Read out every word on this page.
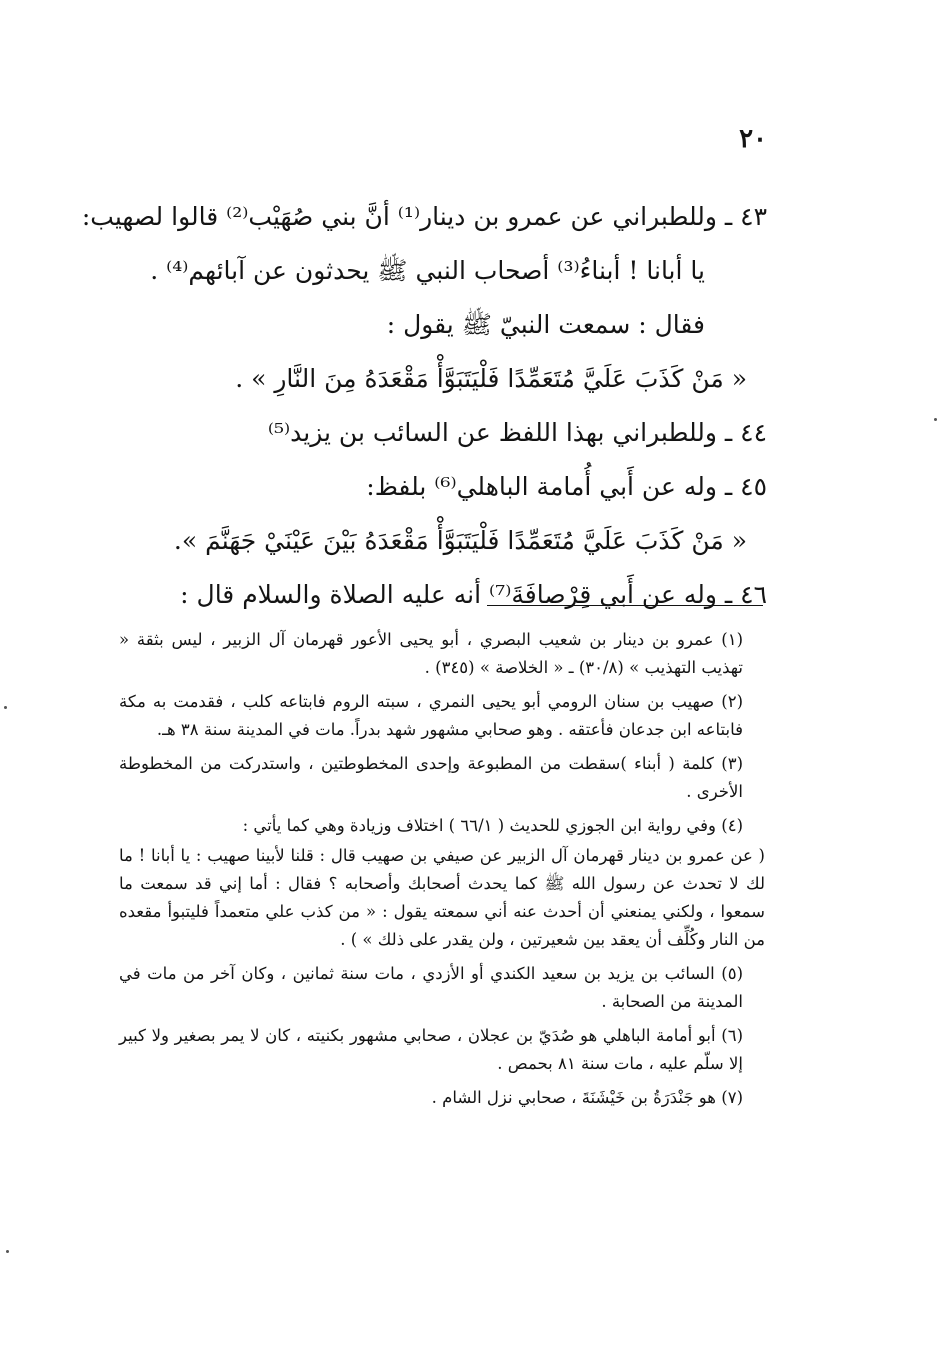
٢٠

٤٣ ـ وللطبراني عن عمرو بن دينار⁽¹⁾ أنَّ بني صُهَيْب⁽²⁾ قالوا لصهيب:

يا أبانا ! أبناءُ⁽³⁾ أصحاب النبي ﷺ يحدثون عن آبائهم⁽⁴⁾ .

فقال : سمعت النبيّ ﷺ يقول :

« مَنْ كَذَبَ عَلَيَّ مُتَعَمِّدًا فَلْيَتَبَوَّأْ مَقْعَدَهُ مِنَ النَّارِ » .

٤٤ ـ وللطبراني بهذا اللفظ عن السائب بن يزيد⁽⁵⁾

٤٥ ـ وله عن أَبي أُمامة الباهلي⁽⁶⁾ بلفظ:

« مَنْ كَذَبَ عَلَيَّ مُتَعَمِّدًا فَلْيَتَبَوَّأْ مَقْعَدَهُ بَيْنَ عَيْنَيْ جَهَنَّمَ ».

٤٦ ـ وله عن أَبي قِرْصافَةَ⁽⁷⁾ أنه عليه الصلاة والسلام قال :

(١) عمرو بن دينار بن شعيب البصري ، أبو يحيى الأعور قهرمان آل الزبير ، ليس بثقة « تهذيب التهذيب » (٣٠/٨) ـ « الخلاصة » (٣٤٥) .

(٢) صهيب بن سنان الرومي أبو يحيى النمري ، سبته الروم فابتاعه كلب ، فقدمت به مكة فابتاعه ابن جدعان فأعتقه . وهو صحابي مشهور شهد بدراً. مات في المدينة سنة ٣٨ هـ.

(٣) كلمة ( أبناء )سقطت من المطبوعة وإحدى المخطوطتين ، واستدركت من المخطوطة الأخرى .

(٤) وفي رواية ابن الجوزي للحديث ( ٦٦/١ ) اختلاف وزيادة وهي كما يأتي :

( عن عمرو بن دينار قهرمان آل الزبير عن صيفي بن صهيب قال : قلنا لأبينا صهيب : يا أبانا ! ما لك لا تحدث عن رسول الله ﷺ كما يحدث أصحابك وأصحابه ؟ فقال : أما إني قد سمعت ما سمعوا ، ولكني يمنعني أن أحدث عنه أني سمعته يقول : « من كذب علي متعمداً فليتبوأ مقعده من النار وكُلِّف أن يعقد بين شعيرتين ، ولن يقدر على ذلك » ) .

(٥) السائب بن يزيد بن سعيد الكندي أو الأزدي ، مات سنة ثمانين ، وكان آخر من مات في المدينة من الصحابة .

(٦) أبو أمامة الباهلي هو صُدَيّ بن عجلان ، صحابي مشهور بكنيته ، كان لا يمر بصغير ولا كبير إلا سلّم عليه ، مات سنة ٨١ بحمص .

(٧) هو جَنْدَرَةُ بن خَيْشَنَةَ ، صحابي نزل الشام .
